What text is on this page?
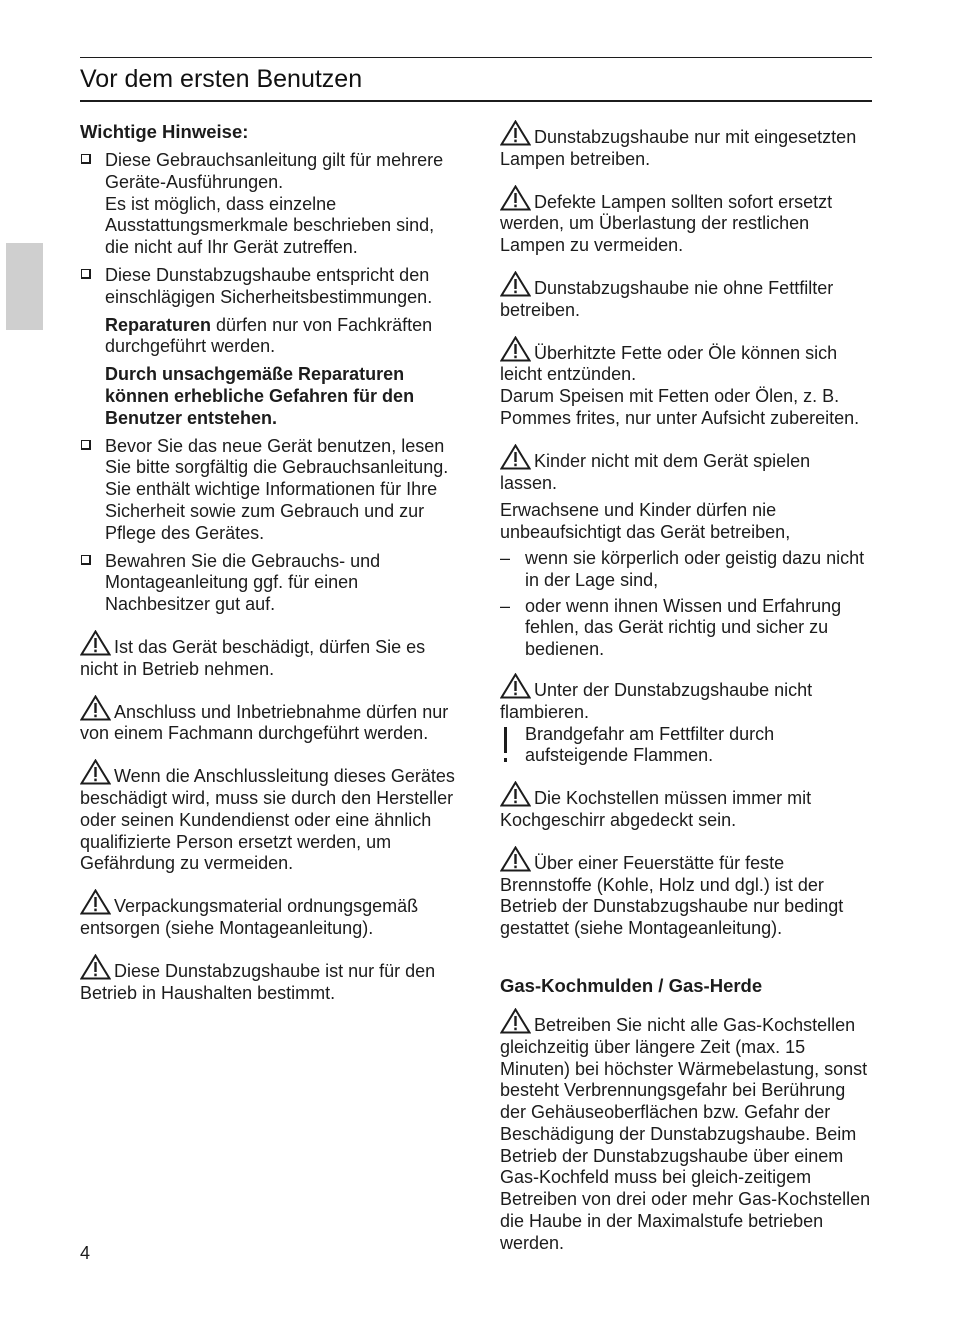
Vor dem ersten Benutzen
Wichtige Hinweise:

Diese Gebrauchsanleitung gilt für mehrere Geräte-Ausführungen.

Es ist möglich, dass einzelne Ausstattungsmerkmale beschrieben sind, die nicht auf Ihr Gerät zutreffen.

Diese Dunstabzugshaube entspricht den einschlägigen Sicherheitsbestimmungen.

Reparaturen dürfen nur von Fachkräften durchgeführt werden.

Durch unsachgemäße Reparaturen können erhebliche Gefahren für den Benutzer entstehen.

Bevor Sie das neue Gerät benutzen, lesen Sie bitte sorgfältig die Gebrauchsanleitung.

Sie enthält wichtige Informationen für Ihre Sicherheit sowie zum Gebrauch und zur Pflege des Gerätes.

Bewahren Sie die Gebrauchs- und Montageanleitung ggf. für einen Nachbesitzer gut auf.

Ist das Gerät beschädigt, dürfen Sie es nicht in Betrieb nehmen.

Anschluss und Inbetriebnahme dürfen nur von einem Fachmann durchgeführt werden.

Wenn die Anschlussleitung dieses Gerätes beschädigt wird, muss sie durch den Hersteller oder seinen Kundendienst oder eine ähnlich qualifizierte Person ersetzt werden, um Gefährdung zu vermeiden.

Verpackungsmaterial ordnungsgemäß entsorgen (siehe Montageanleitung).

Diese Dunstabzugshaube ist nur für den Betrieb in Haushalten bestimmt.

Dunstabzugshaube nur mit eingesetzten Lampen betreiben.

Defekte Lampen sollten sofort ersetzt werden, um Überlastung der restlichen Lampen zu vermeiden.

Dunstabzugshaube nie ohne Fettfilter betreiben.

Überhitzte Fette oder Öle können sich leicht entzünden.
Darum Speisen mit Fetten oder Ölen, z. B. Pommes frites, nur unter Aufsicht zubereiten.

Kinder nicht mit dem Gerät spielen lassen.

Erwachsene und Kinder dürfen nie unbeaufsichtigt das Gerät betreiben,

– wenn sie körperlich oder geistig dazu nicht in der Lage sind,
– oder wenn ihnen Wissen und Erfahrung fehlen, das Gerät richtig und sicher zu bedienen.

Unter der Dunstabzugshaube nicht flambieren.

Brandgefahr am Fettfilter durch aufsteigende Flammen.

Die Kochstellen müssen immer mit Kochgeschirr abgedeckt sein.

Über einer Feuerstätte für feste Brennstoffe (Kohle, Holz und dgl.) ist der Betrieb der Dunstabzugshaube nur bedingt gestattet (siehe Montageanleitung).

Gas-Kochmulden / Gas-Herde

Betreiben Sie nicht alle Gas-Kochstellen gleichzeitig über längere Zeit (max. 15 Minuten) bei höchster Wärmebelastung, sonst besteht Verbrennungsgefahr bei Berührung der Gehäuseoberflächen bzw. Gefahr der Beschädigung der Dunstabzugshaube. Beim Betrieb der Dunstabzugshaube über einem Gas-Kochfeld muss bei gleich-zeitigem Betreiben von drei oder mehr Gas-Kochstellen die Haube in der Maximalstufe betrieben werden.

4
